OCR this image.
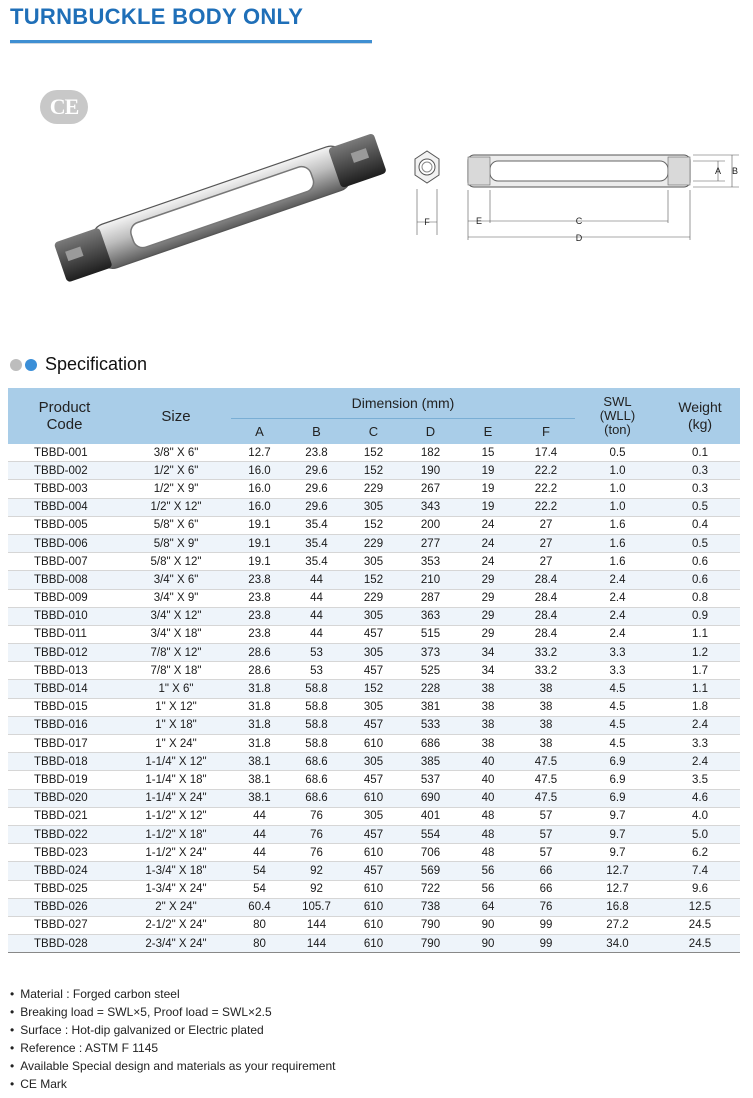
TURNBUCKLE BODY ONLY
CE
F	E	C
D
A B
Specification
Product
Code	Size	Dimension (mm)						SWL
(WLL)
(ton)	Weight
(kg)
		A	B	C	D	E	F		
TBBD-001	3/8" X 6"	12.7	23.8	152	182	15	17.4	0.5	0.1
TBBD-002	1/2" X 6"	16.0	29.6	152	190	19	22.2	1.0	0.3
TBBD-003	1/2" X 9"	16.0	29.6	229	267	19	22.2	1.0	0.3
TBBD-004	1/2" X 12"	16.0	29.6	305	343	19	22.2	1.0	0.5
TBBD-005	5/8" X 6"	19.1	35.4	152	200	24	27	1.6	0.4
TBBD-006	5/8" X 9"	19.1	35.4	229	277	24	27	1.6	0.5
TBBD-007	5/8" X 12"	19.1	35.4	305	353	24	27	1.6	0.6
TBBD-008	3/4" X 6"	23.8	44	152	210	29	28.4	2.4	0.6
TBBD-009	3/4" X 9"	23.8	44	229	287	29	28.4	2.4	0.8
TBBD-010	3/4" X 12"	23.8	44	305	363	29	28.4	2.4	0.9
TBBD-011	3/4" X 18"	23.8	44	457	515	29	28.4	2.4	1.1
TBBD-012	7/8" X 12"	28.6	53	305	373	34	33.2	3.3	1.2
TBBD-013	7/8" X 18"	28.6	53	457	525	34	33.2	3.3	1.7
TBBD-014	1" X 6"	31.8	58.8	152	228	38	38	4.5	1.1
TBBD-015	1" X 12"	31.8	58.8	305	381	38	38	4.5	1.8
TBBD-016	1" X 18"	31.8	58.8	457	533	38	38	4.5	2.4
TBBD-017	1" X 24"	31.8	58.8	610	686	38	38	4.5	3.3
TBBD-018	1-1/4" X 12"	38.1	68.6	305	385	40	47.5	6.9	2.4
TBBD-019	1-1/4" X 18"	38.1	68.6	457	537	40	47.5	6.9	3.5
TBBD-020	1-1/4" X 24"	38.1	68.6	610	690	40	47.5	6.9	4.6
TBBD-021	1-1/2" X 12"	44	76	305	401	48	57	9.7	4.0
TBBD-022	1-1/2" X 18"	44	76	457	554	48	57	9.7	5.0
TBBD-023	1-1/2" X 24"	44	76	610	706	48	57	9.7	6.2
TBBD-024	1-3/4" X 18"	54	92	457	569	56	66	12.7	7.4
TBBD-025	1-3/4" X 24"	54	92	610	722	56	66	12.7	9.6
TBBD-026	2" X 24"	60.4	105.7	610	738	64	76	16.8	12.5
TBBD-027	2-1/2" X 24"	80	144	610	790	90	99	27.2	24.5
TBBD-028	2-3/4" X 24"	80	144	610	790	90	99	34.0	24.5
• Material : Forged carbon steel
• Breaking load = SWL×5, Proof load = SWL×2.5
• Surface : Hot-dip galvanized or Electric plated
• Reference : ASTM F 1145
• Available Special design and materials as your requirement
• CE Mark
